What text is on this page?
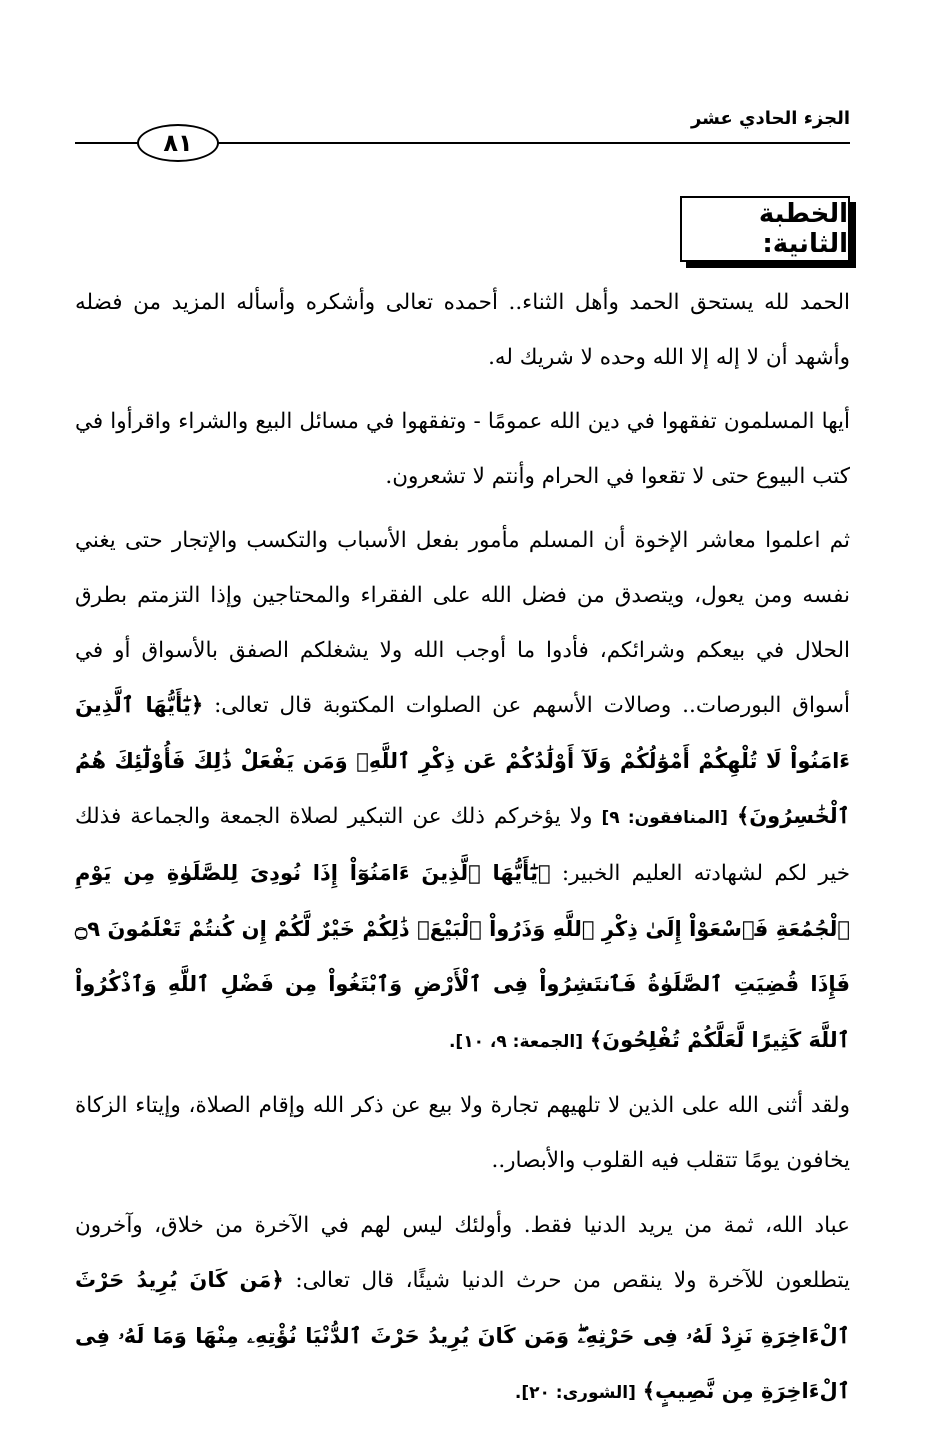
الجزء الحادي عشر
٨١
الخطبة الثانية:

الحمد لله يستحق الحمد وأهل الثناء.. أحمده تعالى وأشكره وأسأله المزيد من فضله وأشهد أن لا إله إلا الله وحده لا شريك له.

أيها المسلمون تفقهوا في دين الله عمومًا - وتفقهوا في مسائل البيع والشراء واقرأوا في كتب البيوع حتى لا تقعوا في الحرام وأنتم لا تشعرون.

ثم اعلموا معاشر الإخوة أن المسلم مأمور بفعل الأسباب والتكسب والإتجار حتى يغني نفسه ومن يعول، ويتصدق من فضل الله على الفقراء والمحتاجين وإذا التزمتم بطرق الحلال في بيعكم وشرائكم، فأدوا ما أوجب الله ولا يشغلكم الصفق بالأسواق أو في أسواق البورصات.. وصالات الأسهم عن الصلوات المكتوبة قال تعالى: ﴿يَٰٓأَيُّهَا ٱلَّذِينَ ءَامَنُواْ لَا تُلْهِكُمْ أَمْوَٰلُكُمْ وَلَآ أَوْلَٰدُكُمْ عَن ذِكْرِ ٱللَّهِۚ وَمَن يَفْعَلْ ذَٰلِكَ فَأُوْلَٰٓئِكَ هُمُ ٱلْخَٰسِرُونَ﴾ [المنافقون: ٩] ولا يؤخركم ذلك عن التبكير لصلاة الجمعة والجماعة فذلك خير لكم لشهادته العليم الخبير: ﴿يَٰٓأَيُّهَا ٱلَّذِينَ ءَامَنُوٓاْ إِذَا نُودِىَ لِلصَّلَوٰةِ مِن يَوْمِ ٱلْجُمُعَةِ فَٱسْعَوْاْ إِلَىٰ ذِكْرِ ٱللَّهِ وَذَرُواْ ٱلْبَيْعَۚ ذَٰلِكُمْ خَيْرٌ لَّكُمْ إِن كُنتُمْ تَعْلَمُونَ ۝٩ فَإِذَا قُضِيَتِ ٱلصَّلَوٰةُ فَٱنتَشِرُواْ فِى ٱلْأَرْضِ وَٱبْتَغُواْ مِن فَضْلِ ٱللَّهِ وَٱذْكُرُواْ ٱللَّهَ كَثِيرًا لَّعَلَّكُمْ تُفْلِحُونَ﴾ [الجمعة: ٩، ١٠].

ولقد أثنى الله على الذين لا تلهيهم تجارة ولا بيع عن ذكر الله وإقام الصلاة، وإيتاء الزكاة يخافون يومًا تتقلب فيه القلوب والأبصار..

عباد الله، ثمة من يريد الدنيا فقط. وأولئك ليس لهم في الآخرة من خلاق، وآخرون يتطلعون للآخرة ولا ينقص من حرث الدنيا شيئًا، قال تعالى: ﴿مَن كَانَ يُرِيدُ حَرْثَ ٱلْءَاخِرَةِ نَزِدْ لَهُۥ فِى حَرْثِهِۦۖ وَمَن كَانَ يُرِيدُ حَرْثَ ٱلدُّنْيَا نُؤْتِهِۦ مِنْهَا وَمَا لَهُۥ فِى ٱلْءَاخِرَةِ مِن نَّصِيبٍ﴾ [الشورى: ٢٠].
